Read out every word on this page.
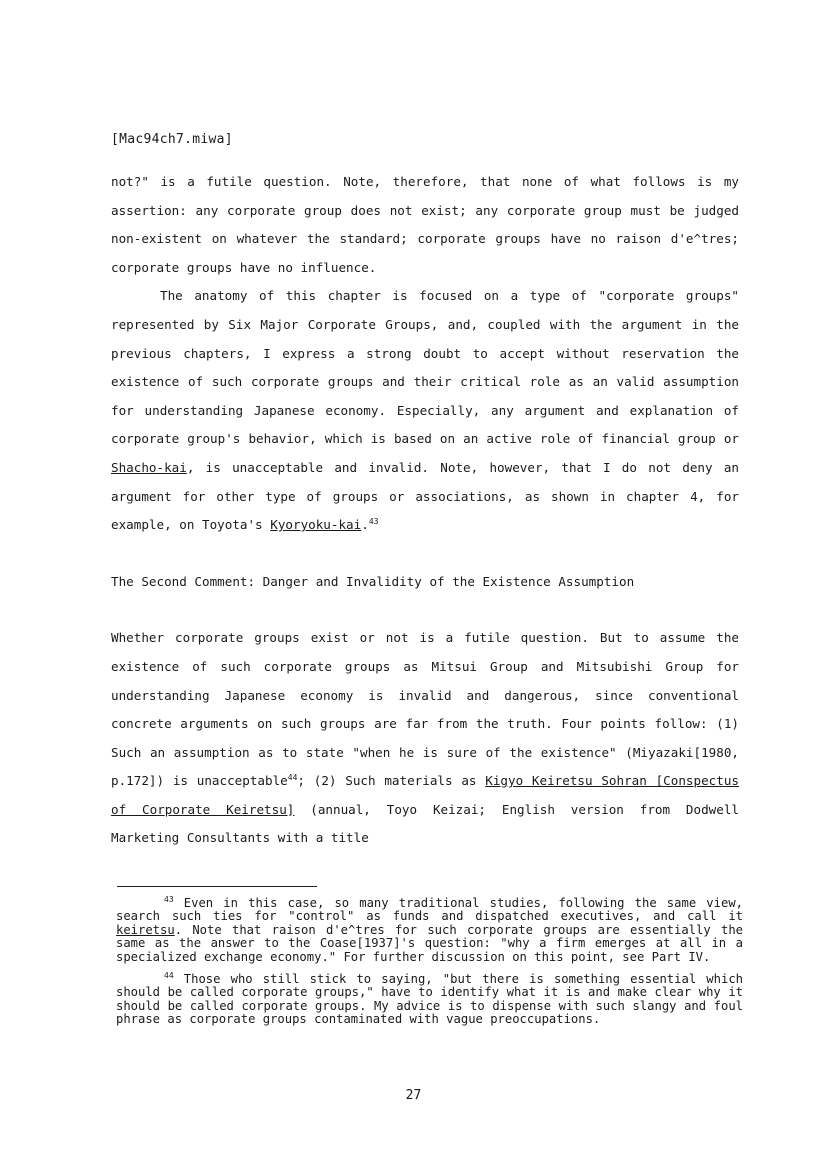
[Mac94ch7.miwa]

not?" is a futile question. Note, therefore, that none of what follows is my assertion: any corporate group does not exist; any corporate group must be judged non-existent on whatever the standard; corporate groups have no raison d'e^tres; corporate groups have no influence.

The anatomy of this chapter is focused on a type of "corporate groups" represented by Six Major Corporate Groups, and, coupled with the argument in the previous chapters, I express a strong doubt to accept without reservation the existence of such corporate groups and their critical role as an valid assumption for understanding Japanese economy. Especially, any argument and explanation of corporate group's behavior, which is based on an active role of financial group or Shacho-kai, is unacceptable and invalid. Note, however, that I do not deny an argument for other type of groups or associations, as shown in chapter 4, for example, on Toyota's Kyoryoku-kai.$^{43}$

The Second Comment: Danger and Invalidity of the Existence Assumption

Whether corporate groups exist or not is a futile question. But to assume the existence of such corporate groups as Mitsui Group and Mitsubishi Group for understanding Japanese economy is invalid and dangerous, since conventional concrete arguments on such groups are far from the truth. Four points follow: (1) Such an assumption as to state "when he is sure of the existence" (Miyazaki[1980, p.172]) is unacceptable$^{44}$; (2) Such materials as Kigyo Keiretsu Sohran [Conspectus of Corporate Keiretsu] (annual, Toyo Keizai; English version from Dodwell Marketing Consultants with a title

$^{43}$ Even in this case, so many traditional studies, following the same view, search such ties for "control" as funds and dispatched executives, and call it keiretsu. Note that raison d'e^tres for such corporate groups are essentially the same as the answer to the Coase[1937]'s question: "why a firm emerges at all in a specialized exchange economy." For further discussion on this point, see Part IV.

$^{44}$ Those who still stick to saying, "but there is something essential which should be called corporate groups," have to identify what it is and make clear why it should be called corporate groups. My advice is to dispense with such slangy and foul phrase as corporate groups contaminated with vague preoccupations.

27
